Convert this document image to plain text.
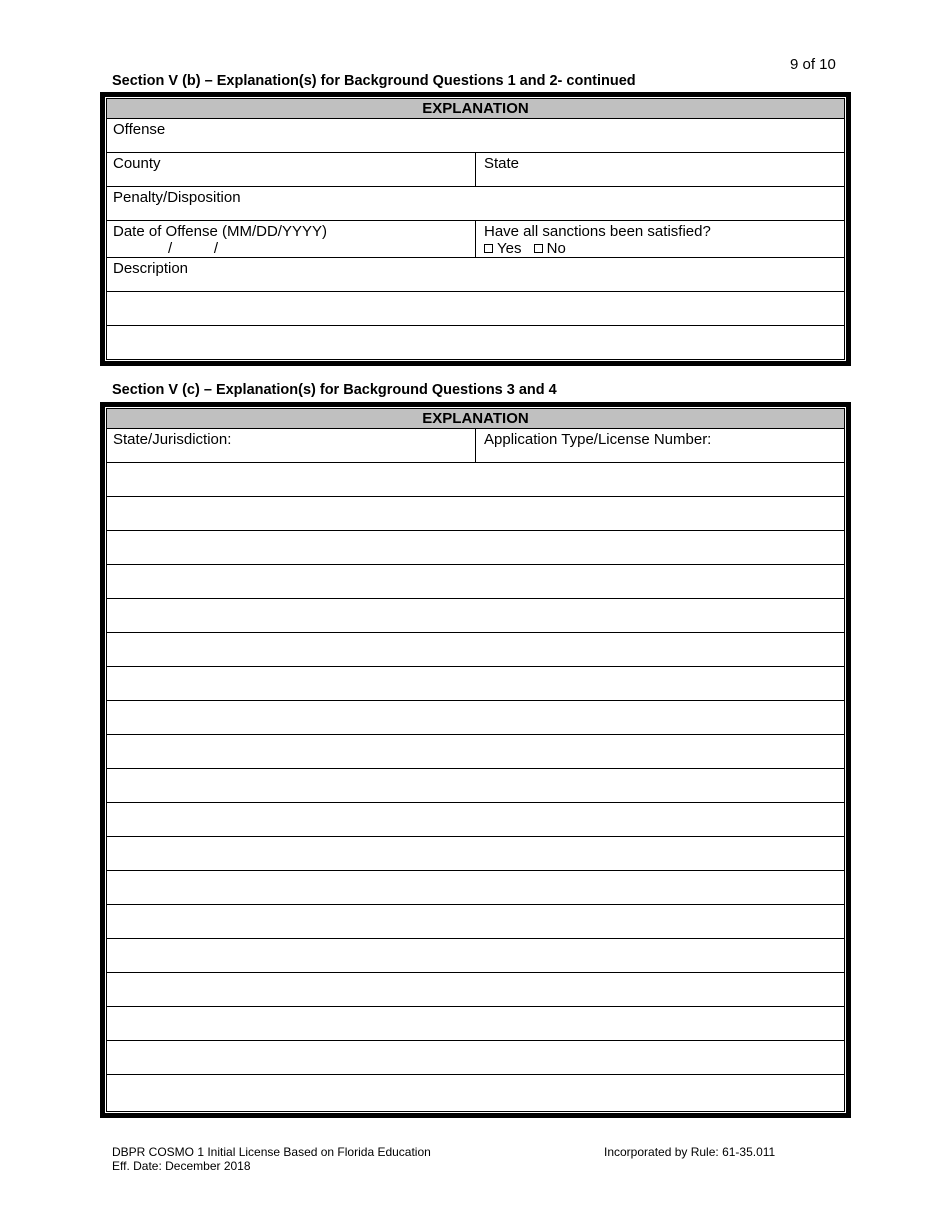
9 of 10
Section V (b) – Explanation(s) for Background Questions 1 and 2- continued
EXPLANATION
Offense
County	State
Penalty/Disposition
Date of Offense (MM/DD/YYYY)
/          /
Have all sanctions been satisfied?
Yes No
Description
Section V (c) – Explanation(s) for Background Questions 3 and 4
EXPLANATION
State/Jurisdiction:	Application Type/License Number:
DBPR COSMO 1 Initial License Based on Florida Education
Eff. Date: December 2018
Incorporated by Rule: 61-35.011
